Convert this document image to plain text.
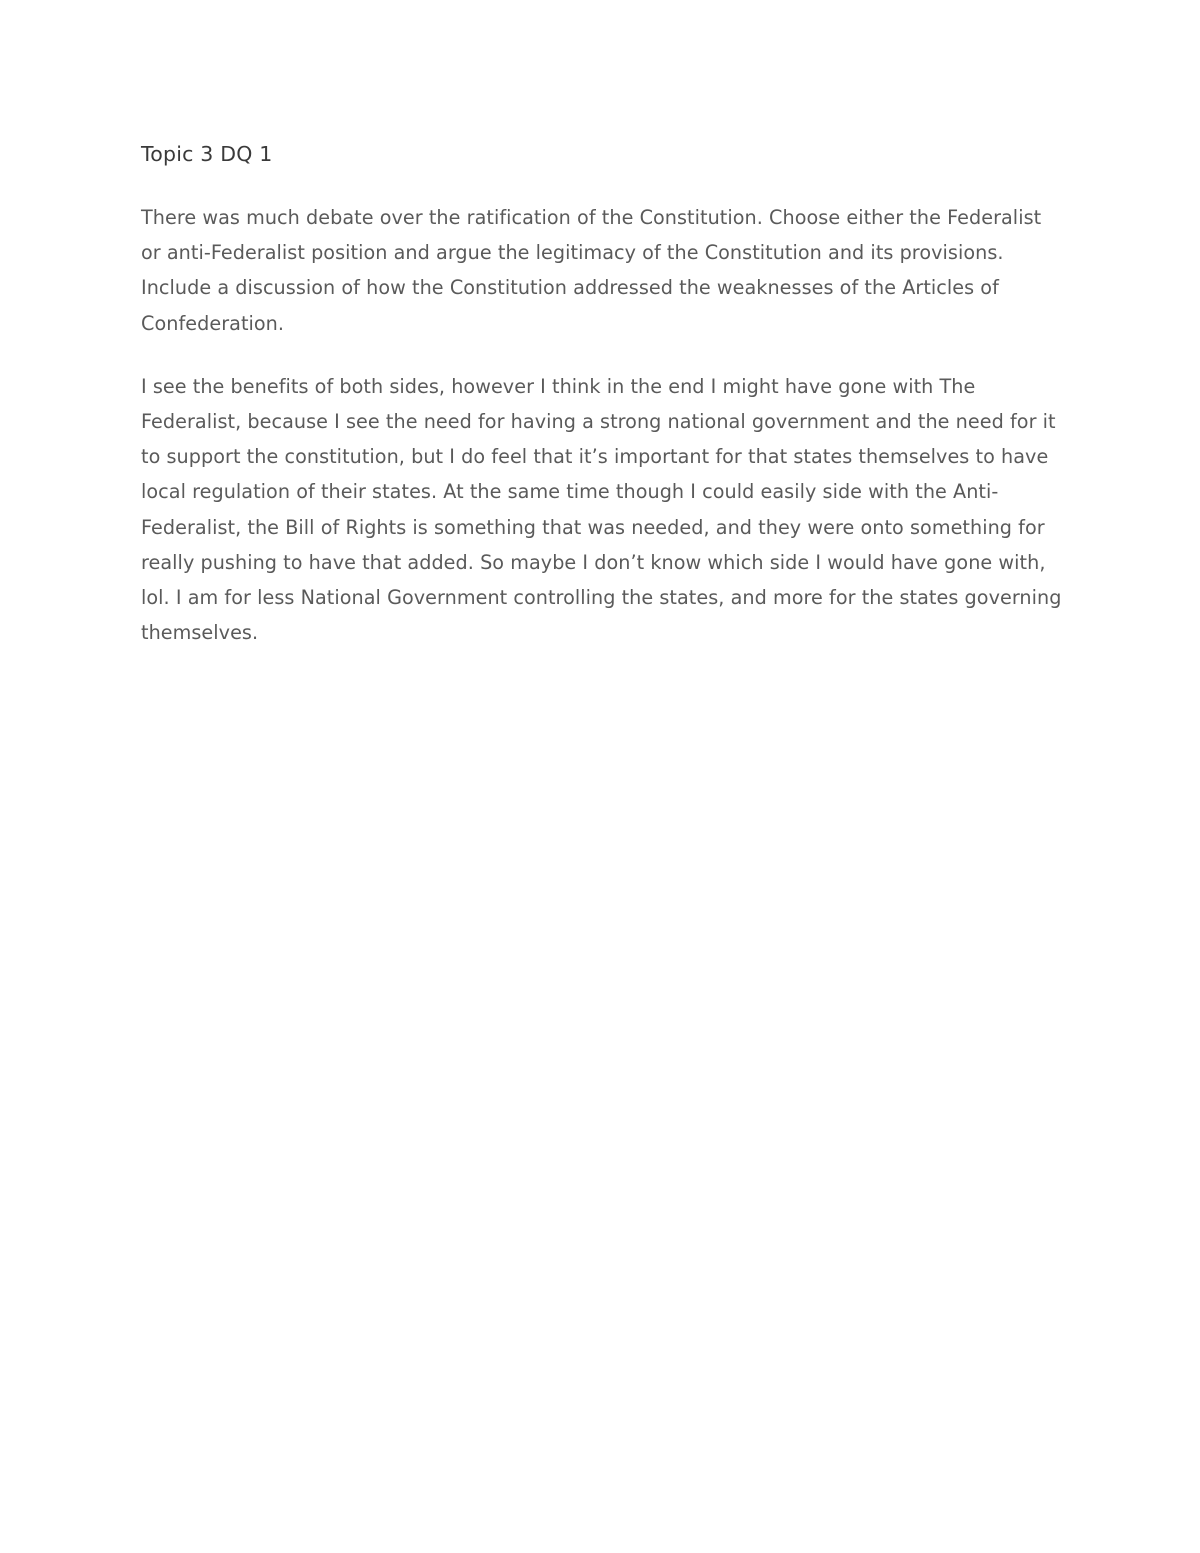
Topic 3 DQ 1

There was much debate over the ratification of the Constitution. Choose either the Federalist or anti-Federalist position and argue the legitimacy of the Constitution and its provisions. Include a discussion of how the Constitution addressed the weaknesses of the Articles of Confederation.

I see the benefits of both sides, however I think in the end I might have gone with The Federalist, because I see the need for having a strong national government and the need for it to support the constitution, but I do feel that it’s important for that states themselves to have local regulation of their states. At the same time though I could easily side with the Anti-Federalist, the Bill of Rights is something that was needed, and they were onto something for really pushing to have that added. So maybe I don’t know which side I would have gone with, lol. I am for less National Government controlling the states, and more for the states governing themselves.
